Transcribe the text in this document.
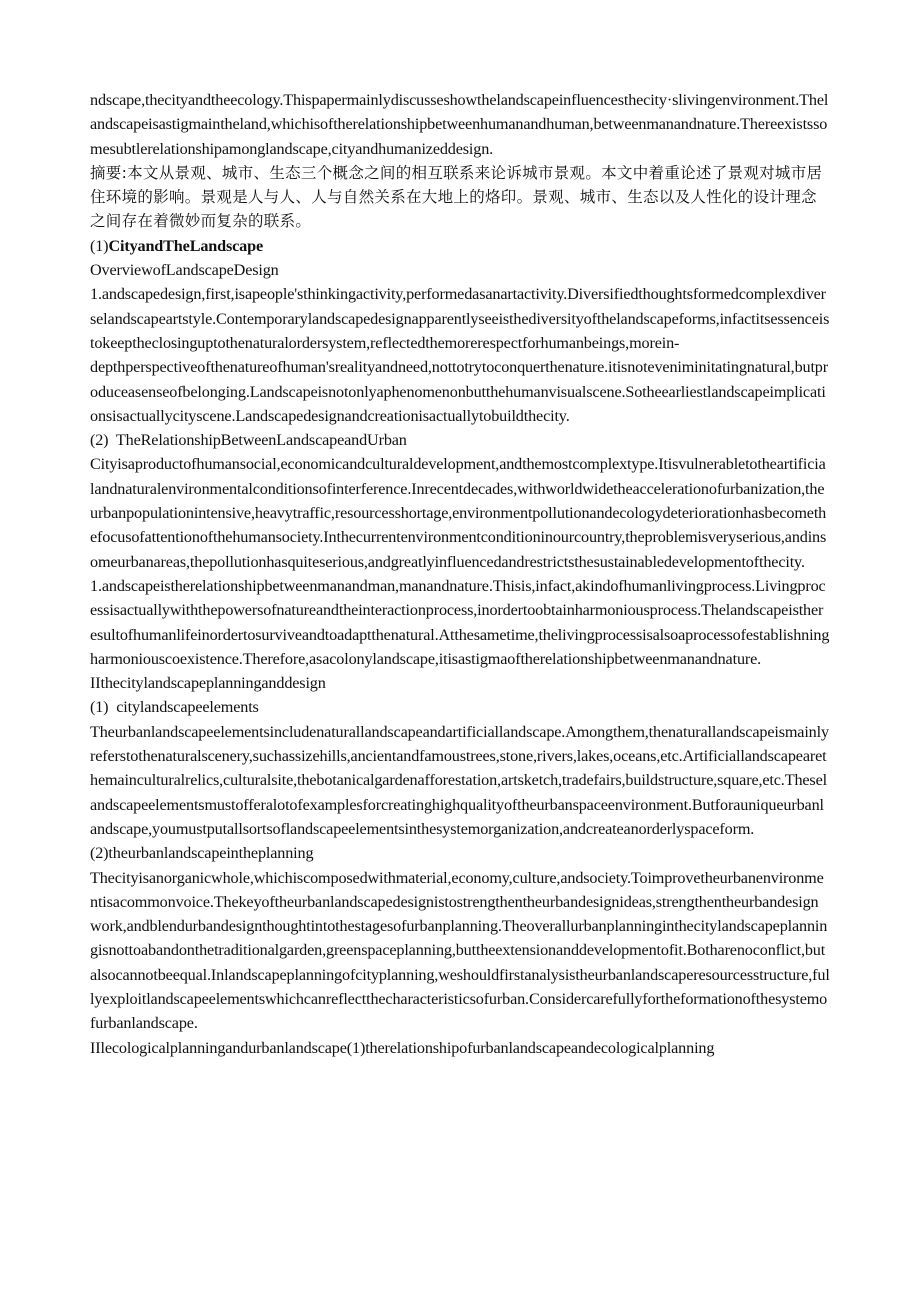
ndscape,thecityandtheecology.Thispapermainlydiscusseshowthelandscapeinfluencesthecity·slivingenvironment.Thelandscapeisastigmaintheland,whichisoftherelationshipbetweenhumanandhuman,betweenmanandnature.Thereexistssomesubtlerelationshipamonglandscape,cityandhumanizeddesign.

摘要:本文从景观、城市、生态三个概念之间的相互联系来论诉城市景观。本文中着重论述了景观对城市居住环境的影响。景观是人与人、人与自然关系在大地上的烙印。景观、城市、生态以及人性化的设计理念之间存在着微妙而复杂的联系。

(1)CityandTheLandscape

OverviewofLandscapeDesign

1.andscapedesign,first,isapeople'sthinkingactivity,performedasanartactivity.Diversifiedthoughtsformedcomplexdiverselandscapeartstyle.Contemporarylandscapedesignapparentlyseeisthediversityofthelandscapeforms,infactitsessenceistokeeptheclosinguptothenaturalordersystem,reflectedthemorerespectforhumanbeings,morein-

depthperspectiveofthenatureofhuman'srealityandneed,nottotrytoconquerthenature.itisnoteveniminitatingnatural,butproduceasenseofbelonging.Landscapeisnotonlyaphenomenonbutthehumanvisualscene.Sotheearliestlandscapeimplicationsisactuallycityscene.Landscapedesignandcreationisactuallytobuildthecity.

(2)  TheRelationshipBetweenLandscapeandUrban

Cityisaproductofhumansocial,economicandculturaldevelopment,andthemostcomplextype.Itisvulnerabletotheartificialandnaturalenvironmentalconditionsofinterference.Inrecentdecades,withworldwidetheaccelerationofurbanization,theurbanpopulationintensive,heavytraffic,resourcesshortage,environmentpollutionandecologydeteriorationhasbecomethefocusofattentionofthehumansociety.Inthecurrentenvironmentconditioninourcountry,theproblemisveryserious,andinsomeurbanareas,thepollutionhasquiteserious,andgreatlyinfluencedandrestrictsthesustainabledevelopmentofthecity.

1.andscapeistherelationshipbetweenmanandman,manandnature.Thisis,infact,akindofhumanlivingprocess.Livingprocessisactuallywiththepowersofnatureandtheinteractionprocess,inordertoobtainharmoniousprocess.Thelandscapeistheresultofhumanlifeinordertosurviveandtoadaptthenatural.Atthesametime,thelivingprocessisalsoaprocessofestablishningharmoniouscoexistence.Therefore,asacolonylandscape,itisastigmaoftherelationshipbetweenmanandnature.

IIthecitylandscapeplanninganddesign

(1)  citylandscapeelements

Theurbanlandscapeelementsincludenaturallandscapeandartificiallandscape.Amongthem,thenaturallandscapeismainlyreferstothenaturalscenery,suchassizehills,ancientandfamoustrees,stone,rivers,lakes,oceans,etc.Artificiallandscapearethemainculturalrelics,culturalsite,thebotanicalgardenafforestation,artsketch,tradefairs,buildstructure,square,etc.Theselandscapeelementsmustofferalotofexamplesforcreatinghighqualityoftheurbanspaceenvironment.Butforauniqueurbanlandscape,youmustputallsortsoflandscapeelementsinthesystemorganization,andcreateanorderlyspaceform.

(2)theurbanlandscapeintheplanning

Thecityisanorganicwhole,whichiscomposedwithmaterial,economy,culture,andsociety.Toimprovetheurbanenvironmentisacommonvoice.Thekeyoftheurbanlandscapedesignistostrengthentheurbandesignideas,strengthentheurbandesignwork,andblendurbandesignthoughtintothestagesofurbanplanning.Theoverallurbanplanninginthecitylandscapeplanningisnottoabandonthetraditionalgarden,greenspaceplanning,buttheextensionanddevelopmentofit.Botharenoconflict,butalsocannotbeequal.Inlandscapeplanningofcityplanning,weshouldfirstanalysistheurbanlandscaperesourcesstructure,fullyexploitlandscapeelementswhichcanreflectthecharacteristicsofurban.Considercarefullyfortheformationofthesystemofurbanlandscape.

IIlecologicalplanningandurbanlandscape(1)therelationshipofurbanlandscapeandecologicalplanning
